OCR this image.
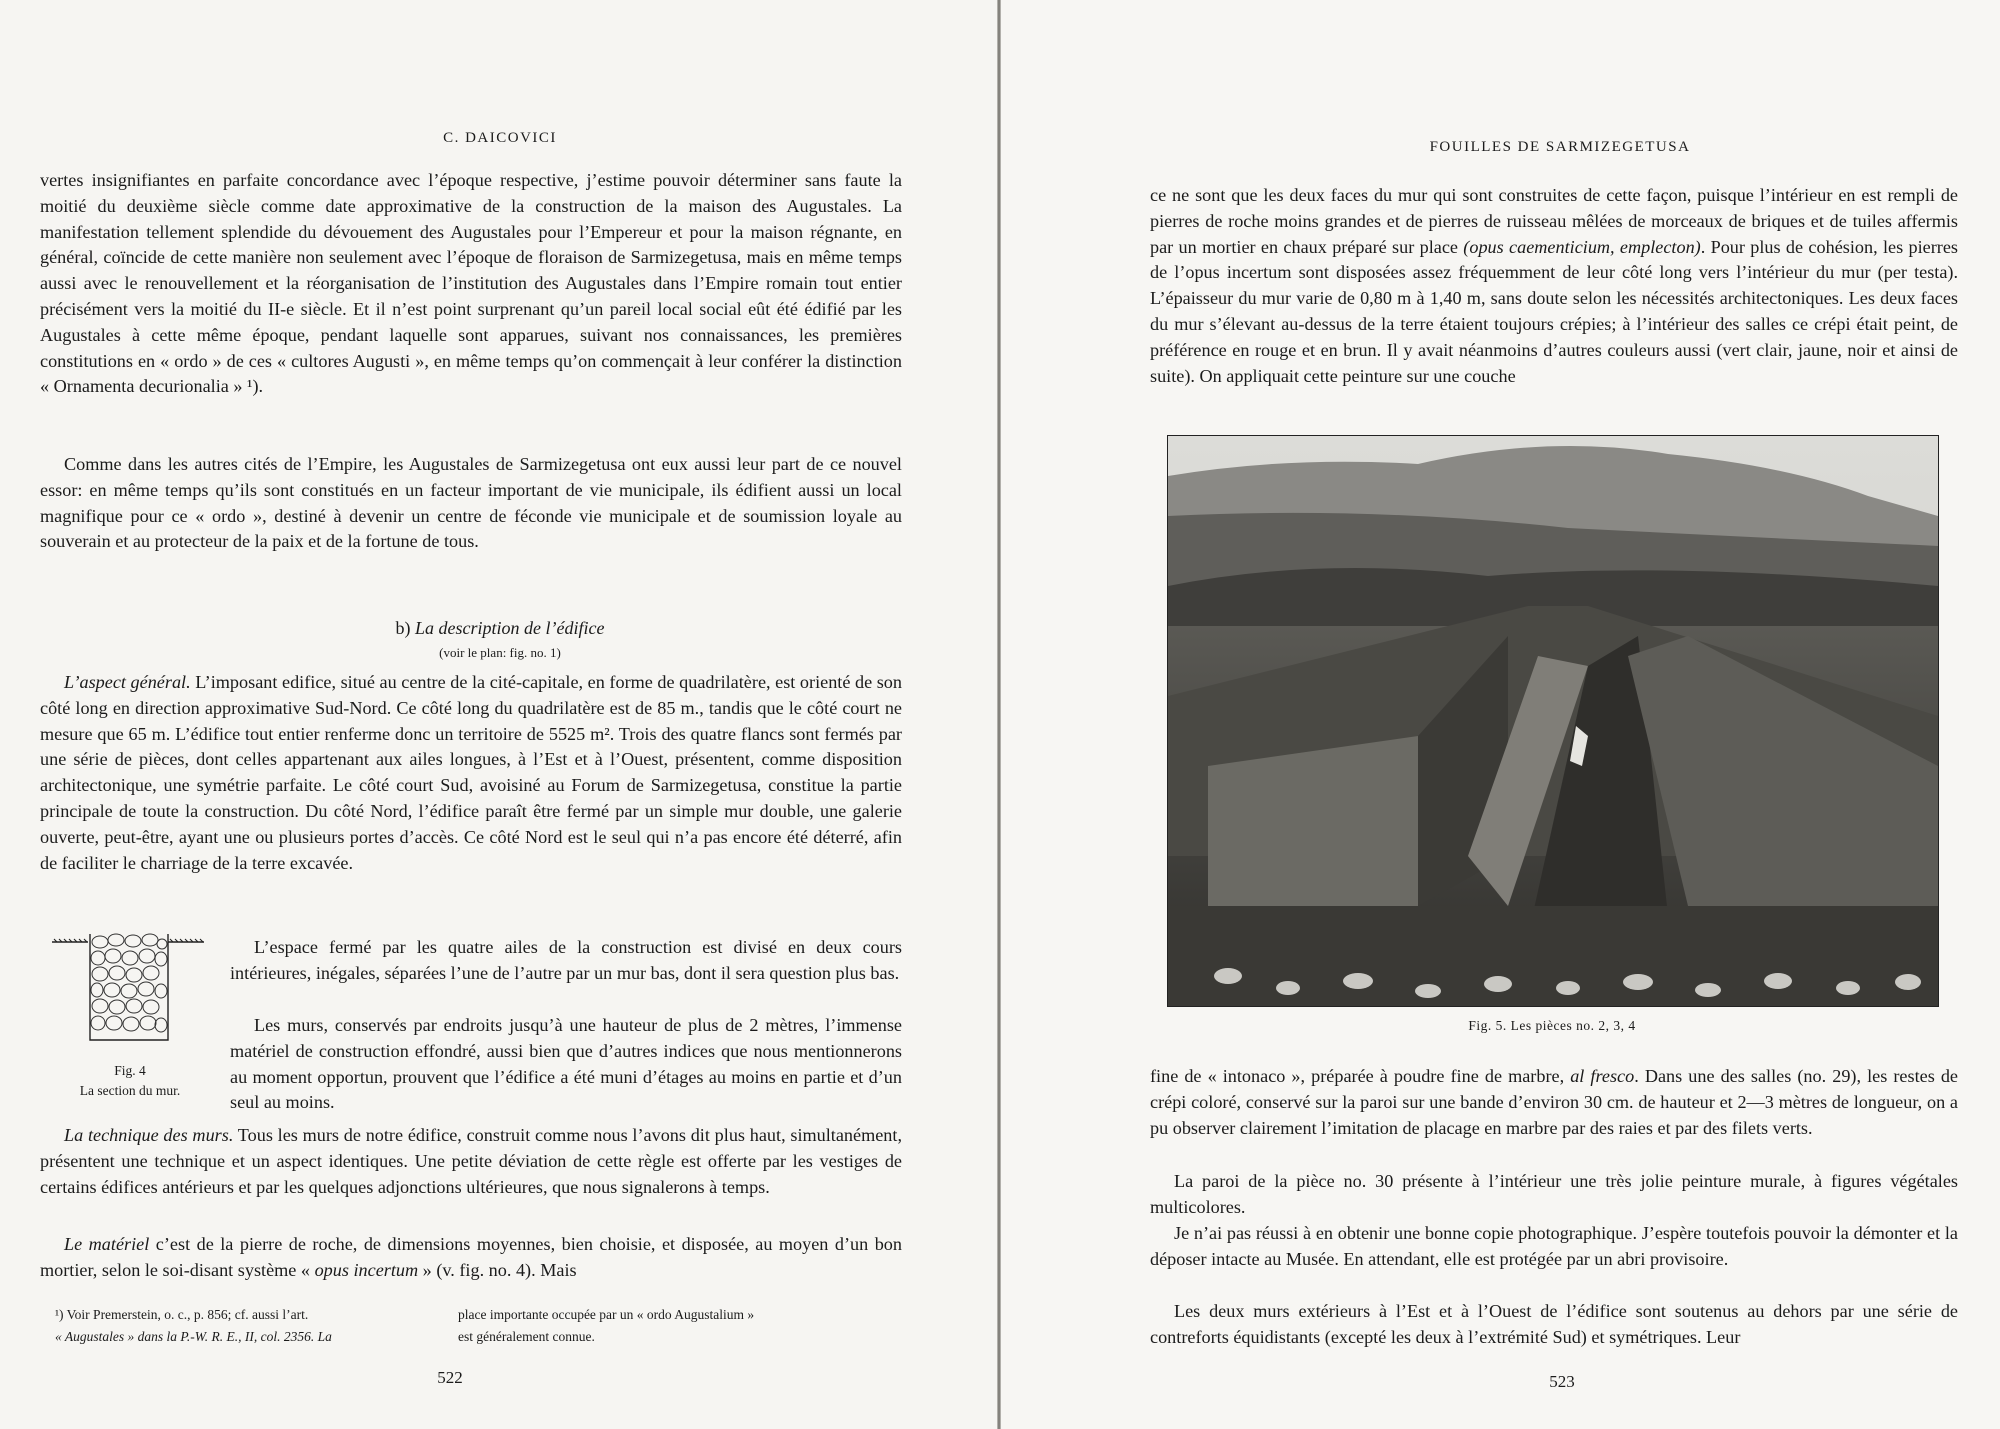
C. DAICOVICI

vertes insignifiantes en parfaite concordance avec l’époque respective, j’estime pouvoir déterminer sans faute la moitié du deuxième siècle comme date approximative de la construction de la maison des Augustales. La manifestation tellement splendide du dévouement des Augustales pour l’Empereur et pour la maison régnante, en général, coïncide de cette manière non seulement avec l’époque de floraison de Sarmizegetusa, mais en même temps aussi avec le renouvellement et la réorganisation de l’institution des Augustales dans l’Empire romain tout entier précisément vers la moitié du II-e siècle. Et il n’est point surprenant qu’un pareil local social eût été édifié par les Augustales à cette même époque, pendant laquelle sont apparues, suivant nos connaissances, les premières constitutions en « ordo » de ces « cultores Augusti », en même temps qu’on commençait à leur conférer la distinction « Ornamenta decurionalia » ¹).

Comme dans les autres cités de l’Empire, les Augustales de Sarmizegetusa ont eux aussi leur part de ce nouvel essor: en même temps qu’ils sont constitués en un facteur important de vie municipale, ils édifient aussi un local magnifique pour ce « ordo », destiné à devenir un centre de féconde vie municipale et de soumission loyale au souverain et au protecteur de la paix et de la fortune de tous.

b) La description de l’édifice
(voir le plan: fig. no. 1)

L’aspect général. L’imposant edifice, situé au centre de la cité-capitale, en forme de quadrilatère, est orienté de son côté long en direction approximative Sud-Nord. Ce côté long du quadrilatère est de 85 m., tandis que le côté court ne mesure que 65 m. L’édifice tout entier renferme donc un territoire de 5525 m². Trois des quatre flancs sont fermés par une série de pièces, dont celles appartenant aux ailes longues, à l’Est et à l’Ouest, présentent, comme disposition architectonique, une symétrie parfaite. Le côté court Sud, avoisiné au Forum de Sarmizegetusa, constitue la partie principale de toute la construction. Du côté Nord, l’édifice paraît être fermé par un simple mur double, une galerie ouverte, peut-être, ayant une ou plusieurs portes d’accès. Ce côté Nord est le seul qui n’a pas encore été déterré, afin de faciliter le charriage de la terre excavée.

Fig. 4
La section du mur.

L’espace fermé par les quatre ailes de la construction est divisé en deux cours intérieures, inégales, séparées l’une de l’autre par un mur bas, dont il sera question plus bas.

Les murs, conservés par endroits jusqu’à une hauteur de plus de 2 mètres, l’immense matériel de construction effondré, aussi bien que d’autres indices que nous mentionnerons au moment opportun, prouvent que l’édifice a été muni d’étages au moins en partie et d’un seul au moins.

La technique des murs. Tous les murs de notre édifice, construit comme nous l’avons dit plus haut, simultanément, présentent une technique et un aspect identiques. Une petite déviation de cette règle est offerte par les vestiges de certains édifices antérieurs et par les quelques adjonctions ultérieures, que nous signalerons à temps.

Le matériel c’est de la pierre de roche, de dimensions moyennes, bien choisie, et disposée, au moyen d’un bon mortier, selon le soi-disant système « opus incertum » (v. fig. no. 4). Mais

¹) Voir Premerstein, o. c., p. 856; cf. aussi l’art.
« Augustales » dans la P.-W. R. E., II, col. 2356. La
place importante occupée par un « ordo Augustalium »
est généralement connue.
522
FOUILLES DE SARMIZEGETUSA

ce ne sont que les deux faces du mur qui sont construites de cette façon, puisque l’intérieur en est rempli de pierres de roche moins grandes et de pierres de ruisseau mêlées de morceaux de briques et de tuiles affermis par un mortier en chaux préparé sur place (opus caementicium, emplecton). Pour plus de cohésion, les pierres de l’opus incertum sont disposées assez fréquemment de leur côté long vers l’intérieur du mur (per testa). L’épaisseur du mur varie de 0,80 m à 1,40 m, sans doute selon les nécessités architectoniques. Les deux faces du mur s’élevant au-dessus de la terre étaient toujours crépies; à l’intérieur des salles ce crépi était peint, de préférence en rouge et en brun. Il y avait néanmoins d’autres couleurs aussi (vert clair, jaune, noir et ainsi de suite). On appliquait cette peinture sur une couche

Fig. 5. Les pièces no. 2, 3, 4

fine de « intonaco », préparée à poudre fine de marbre, al fresco. Dans une des salles (no. 29), les restes de crépi coloré, conservé sur la paroi sur une bande d’environ 30 cm. de hauteur et 2—3 mètres de longueur, on a pu observer clairement l’imitation de placage en marbre par des raies et par des filets verts.

La paroi de la pièce no. 30 présente à l’intérieur une très jolie peinture murale, à figures végétales multicolores.

Je n’ai pas réussi à en obtenir une bonne copie photographique. J’espère toutefois pouvoir la démonter et la déposer intacte au Musée. En attendant, elle est protégée par un abri provisoire.

Les deux murs extérieurs à l’Est et à l’Ouest de l’édifice sont soutenus au dehors par une série de contreforts équidistants (excepté les deux à l’extrémité Sud) et symétriques. Leur

523
